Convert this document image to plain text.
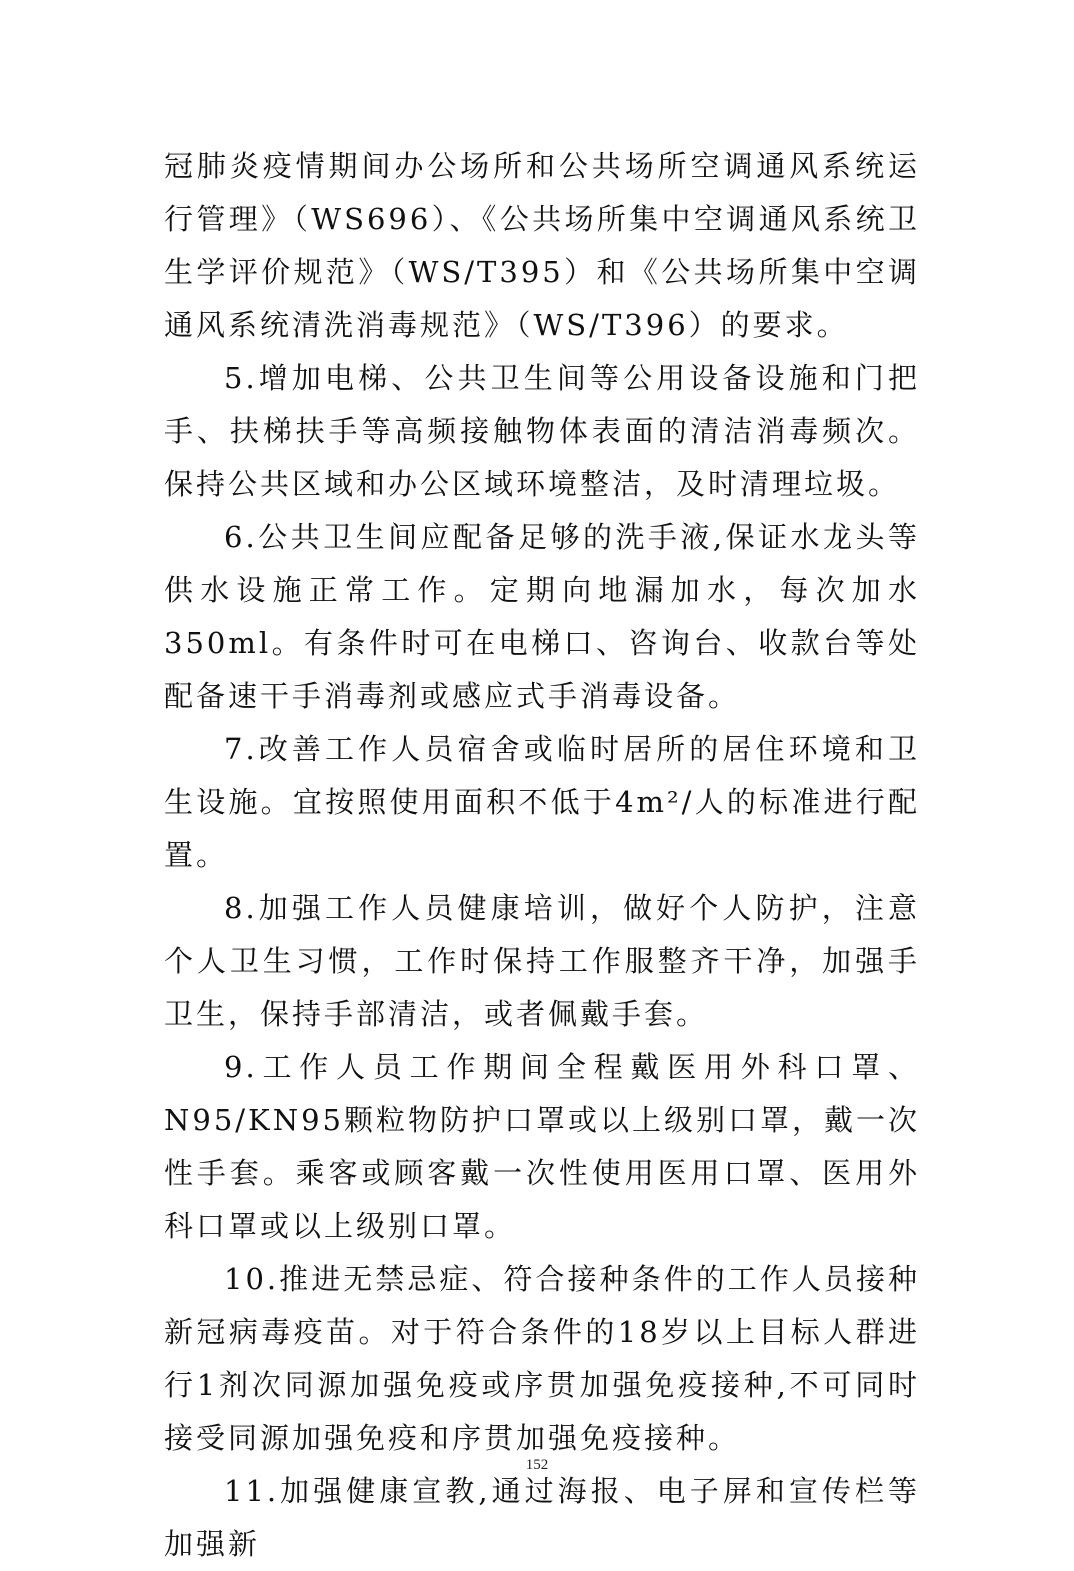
冠肺炎疫情期间办公场所和公共场所空调通风系统运行管理》（WS696）、《公共场所集中空调通风系统卫生学评价规范》（WS/T395）和《公共场所集中空调通风系统清洗消毒规范》（WS/T396）的要求。

5.增加电梯、公共卫生间等公用设备设施和门把手、扶梯扶手等高频接触物体表面的清洁消毒频次。保持公共区域和办公区域环境整洁，及时清理垃圾。

6.公共卫生间应配备足够的洗手液,保证水龙头等供水设施正常工作。定期向地漏加水，每次加水350ml。有条件时可在电梯口、咨询台、收款台等处配备速干手消毒剂或感应式手消毒设备。

7.改善工作人员宿舍或临时居所的居住环境和卫生设施。宜按照使用面积不低于4m²/人的标准进行配置。

8.加强工作人员健康培训，做好个人防护，注意个人卫生习惯，工作时保持工作服整齐干净，加强手卫生，保持手部清洁，或者佩戴手套。

9.工作人员工作期间全程戴医用外科口罩、N95/KN95颗粒物防护口罩或以上级别口罩，戴一次性手套。乘客或顾客戴一次性使用医用口罩、医用外科口罩或以上级别口罩。

10.推进无禁忌症、符合接种条件的工作人员接种新冠病毒疫苗。对于符合条件的18岁以上目标人群进行1剂次同源加强免疫或序贯加强免疫接种,不可同时接受同源加强免疫和序贯加强免疫接种。

11.加强健康宣教,通过海报、电子屏和宣传栏等加强新

152
